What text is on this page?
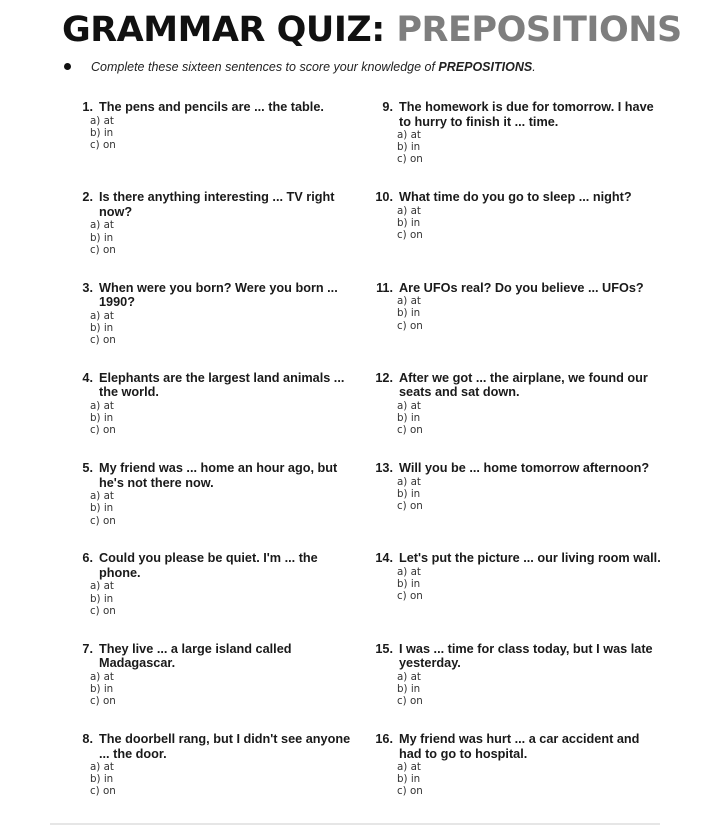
GRAMMAR QUIZ: PREPOSITIONS
Complete these sixteen sentences to score your knowledge of PREPOSITIONS.
1. The pens and pencils are ... the table.
a) at
b) in
c) on
2. Is there anything interesting ... TV right now?
a) at
b) in
c) on
3. When were you born? Were you born ... 1990?
a) at
b) in
c) on
4. Elephants are the largest land animals ... the world.
a) at
b) in
c) on
5. My friend was ... home an hour ago, but he's not there now.
a) at
b) in
c) on
6. Could you please be quiet. I'm ... the phone.
a) at
b) in
c) on
7. They live ... a large island called Madagascar.
a) at
b) in
c) on
8. The doorbell rang, but I didn't see anyone ... the door.
a) at
b) in
c) on
9. The homework is due for tomorrow. I have to hurry to finish it ... time.
a) at
b) in
c) on
10. What time do you go to sleep ... night?
a) at
b) in
c) on
11. Are UFOs real? Do you believe ... UFOs?
a) at
b) in
c) on
12. After we got ... the airplane, we found our seats and sat down.
a) at
b) in
c) on
13. Will you be ... home tomorrow afternoon?
a) at
b) in
c) on
14. Let's put the picture ... our living room wall.
a) at
b) in
c) on
15. I was ... time for class today, but I was late yesterday.
a) at
b) in
c) on
16. My friend was hurt ... a car accident and had to go to hospital.
a) at
b) in
c) on
